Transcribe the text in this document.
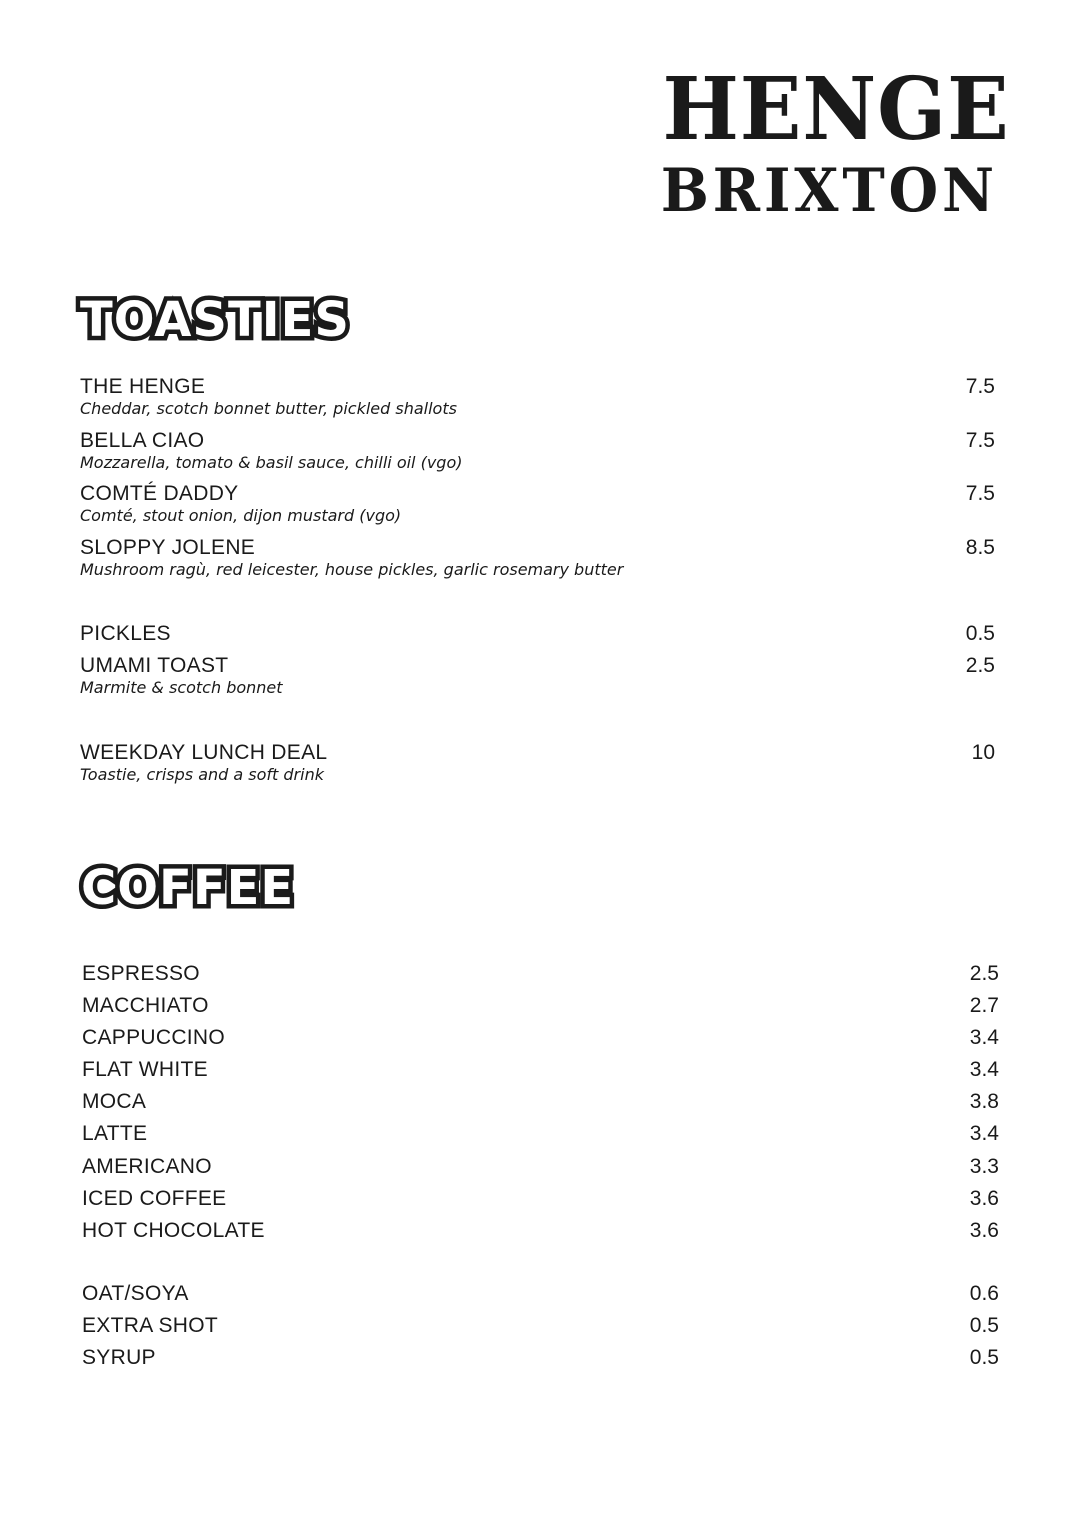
HENGE
BRIXTON
TOASTIES
THE HENGE	7.5
Cheddar, scotch bonnet butter, pickled shallots
BELLA CIAO	7.5
Mozzarella, tomato & basil sauce, chilli oil (vgo)
COMTÉ DADDY	7.5
Comté, stout onion, dijon mustard (vgo)
SLOPPY JOLENE	8.5
Mushroom ragù, red leicester, house pickles, garlic rosemary butter
PICKLES	0.5
UMAMI TOAST	2.5
Marmite & scotch bonnet
WEEKDAY LUNCH DEAL	10
Toastie, crisps and a soft drink
COFFEE
ESPRESSO	2.5
MACCHIATO	2.7
CAPPUCCINO	3.4
FLAT WHITE	3.4
MOCA	3.8
LATTE	3.4
AMERICANO	3.3
ICED COFFEE	3.6
HOT CHOCOLATE	3.6
OAT/SOYA	0.6
EXTRA SHOT	0.5
SYRUP	0.5
